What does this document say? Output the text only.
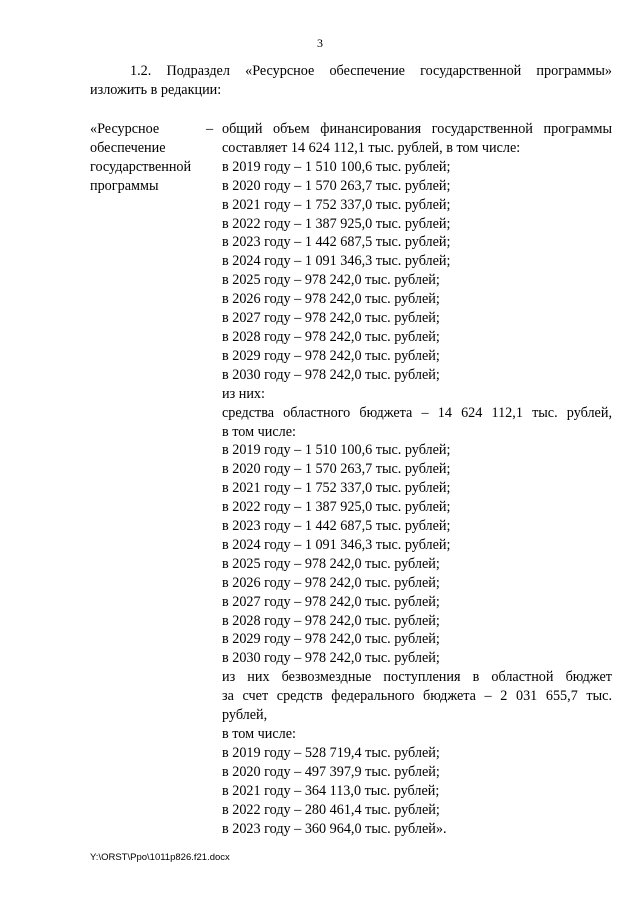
3
1.2. Подраздел «Ресурсное обеспечение государственной программы»
изложить в редакции:
«Ресурсное
обеспечение
государственной
программы
– общий объем финансирования государственной программы
составляет 14 624 112,1 тыс. рублей, в том числе:
в 2019 году – 1 510 100,6 тыс. рублей;
в 2020 году – 1 570 263,7 тыс. рублей;
в 2021 году – 1 752 337,0 тыс. рублей;
в 2022 году – 1 387 925,0 тыс. рублей;
в 2023 году – 1 442 687,5 тыс. рублей;
в 2024 году – 1 091 346,3 тыс. рублей;
в 2025 году – 978 242,0 тыс. рублей;
в 2026 году – 978 242,0 тыс. рублей;
в 2027 году – 978 242,0 тыс. рублей;
в 2028 году – 978 242,0 тыс. рублей;
в 2029 году – 978 242,0 тыс. рублей;
в 2030 году – 978 242,0 тыс. рублей;
из них:
средства областного бюджета – 14 624 112,1 тыс. рублей,
в том числе:
в 2019 году – 1 510 100,6 тыс. рублей;
в 2020 году – 1 570 263,7 тыс. рублей;
в 2021 году – 1 752 337,0 тыс. рублей;
в 2022 году – 1 387 925,0 тыс. рублей;
в 2023 году – 1 442 687,5 тыс. рублей;
в 2024 году – 1 091 346,3 тыс. рублей;
в 2025 году – 978 242,0 тыс. рублей;
в 2026 году – 978 242,0 тыс. рублей;
в 2027 году – 978 242,0 тыс. рублей;
в 2028 году – 978 242,0 тыс. рублей;
в 2029 году – 978 242,0 тыс. рублей;
в 2030 году – 978 242,0 тыс. рублей;
из них безвозмездные поступления в областной бюджет
за счет средств федерального бюджета – 2 031 655,7 тыс. рублей,
в том числе:
в 2019 году – 528 719,4 тыс. рублей;
в 2020 году – 497 397,9 тыс. рублей;
в 2021 году – 364 113,0 тыс. рублей;
в 2022 году – 280 461,4 тыс. рублей;
в 2023 году – 360 964,0 тыс. рублей».
Y:\ORST\Ppo\1011p826.f21.docx
